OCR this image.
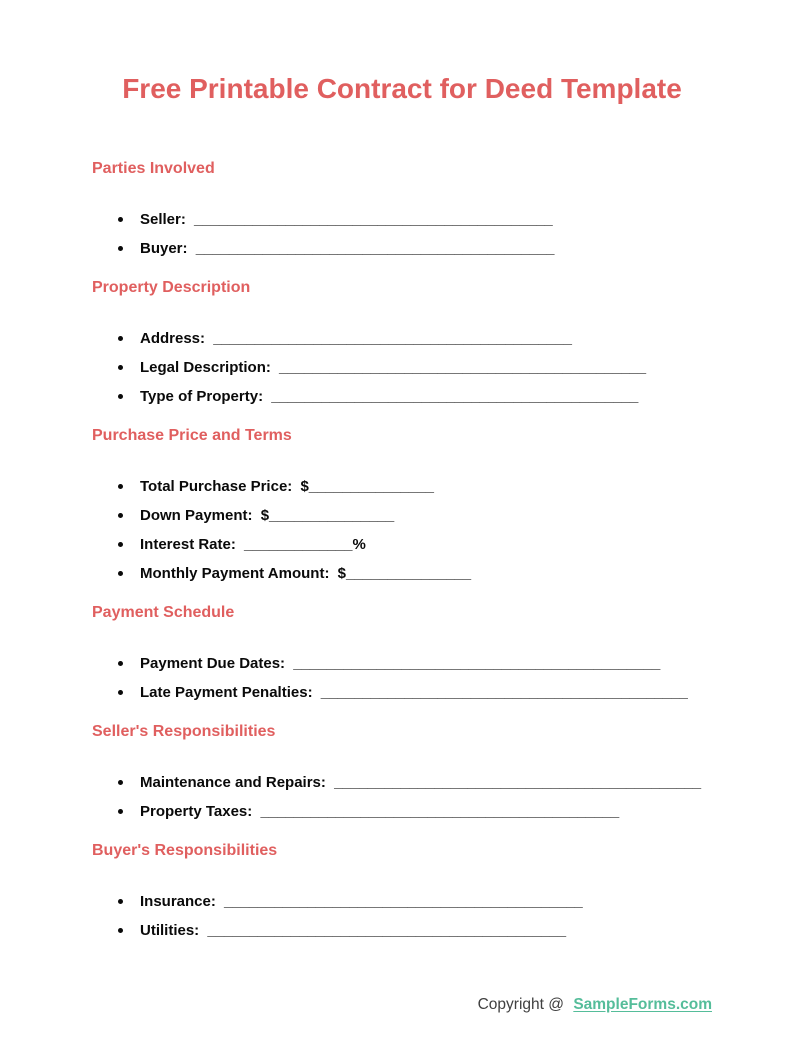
Free Printable Contract for Deed Template
Parties Involved
Seller: ___________________________________________
Buyer: ___________________________________________
Property Description
Address: ___________________________________________
Legal Description: ____________________________________________
Type of Property: ____________________________________________
Purchase Price and Terms
Total Purchase Price: $_______________
Down Payment: $_______________
Interest Rate: _____________%
Monthly Payment Amount: $_______________
Payment Schedule
Payment Due Dates: ____________________________________________
Late Payment Penalties: ____________________________________________
Seller's Responsibilities
Maintenance and Repairs: ____________________________________________
Property Taxes: ___________________________________________
Buyer's Responsibilities
Insurance: ___________________________________________
Utilities: ___________________________________________
Copyright @ SampleForms.com
